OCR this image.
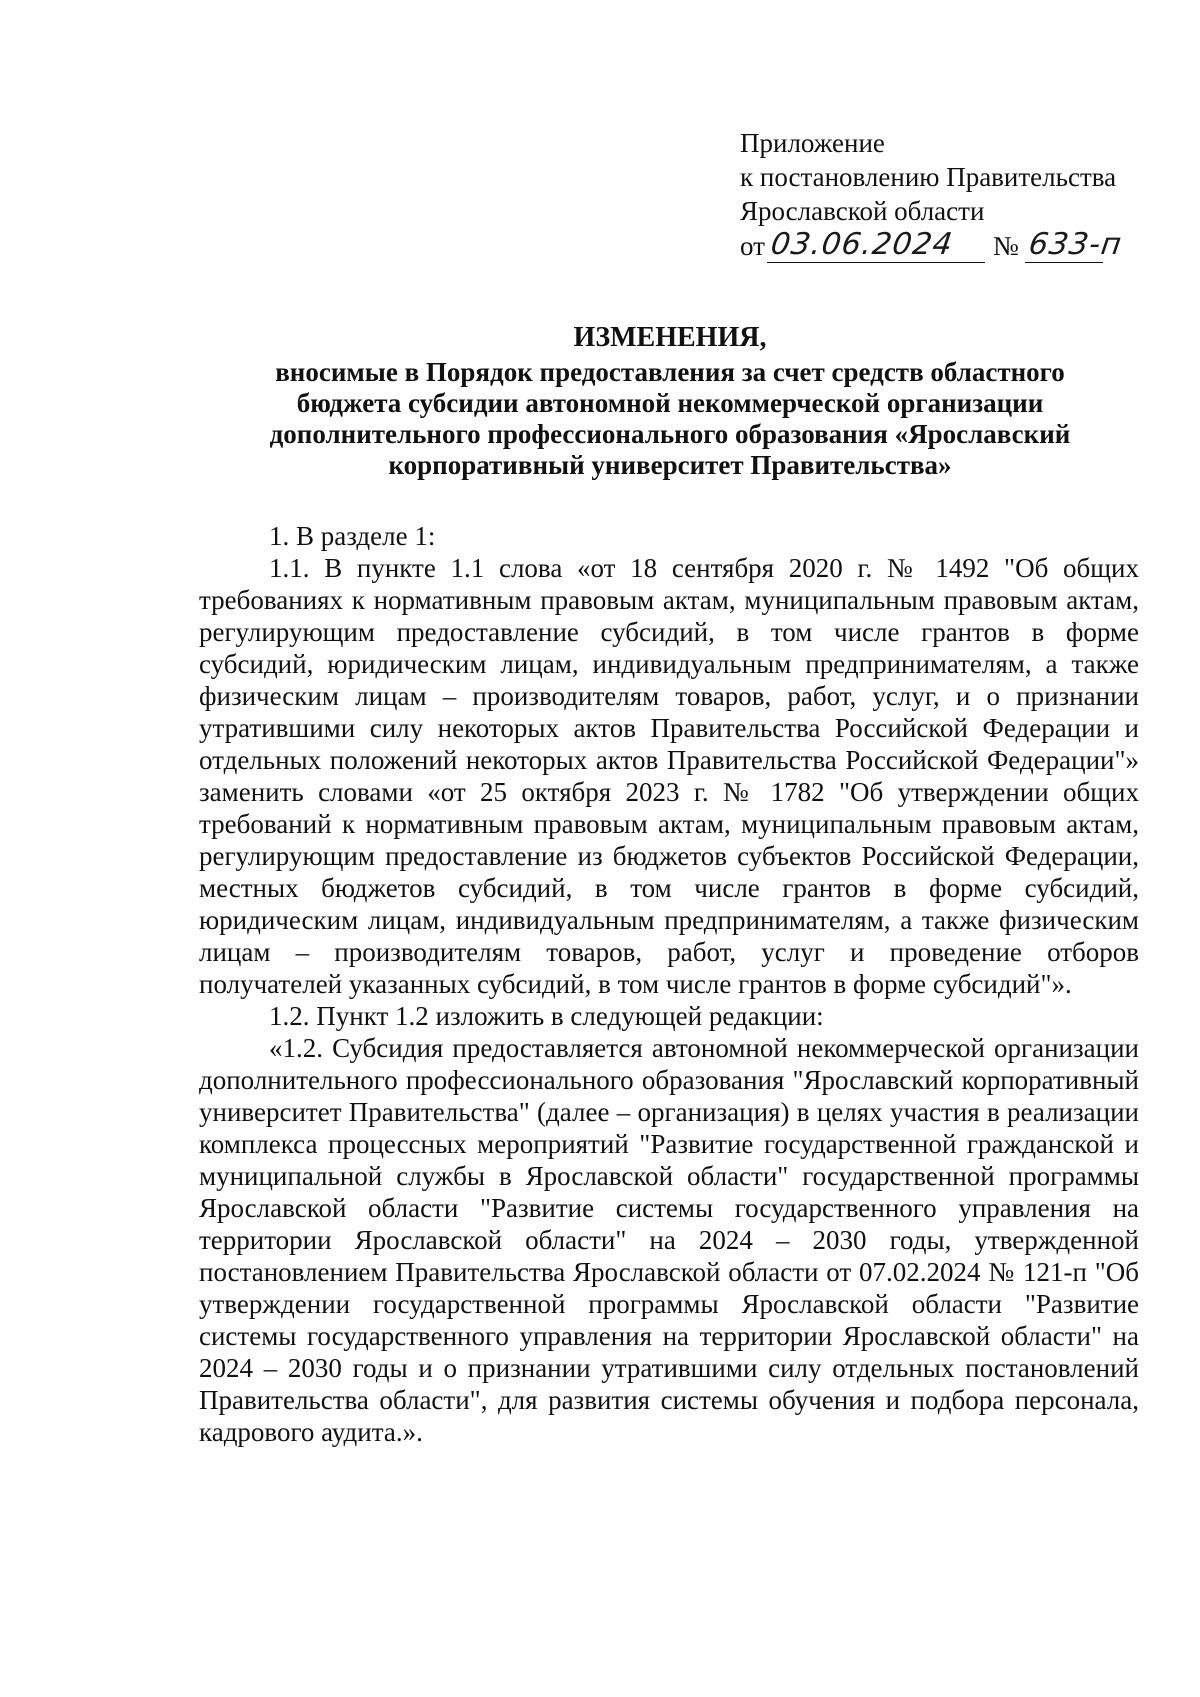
Приложение
к постановлению Правительства
Ярославской области
от 03.06.2024 № 633-п
ИЗМЕНЕНИЯ,
вносимые в Порядок предоставления за счет средств областного
бюджета субсидии автономной некоммерческой организации
дополнительного профессионального образования «Ярославский
корпоративный университет Правительства»

1. В разделе 1:

1.1. В пункте 1.1 слова «от 18 сентября 2020 г. № 1492 "Об общих требованиях к нормативным правовым актам, муниципальным правовым актам, регулирующим предоставление субсидий, в том числе грантов в форме субсидий, юридическим лицам, индивидуальным предпринимателям, а также физическим лицам – производителям товаров, работ, услуг, и о признании утратившими силу некоторых актов Правительства Российской Федерации и отдельных положений некоторых актов Правительства Российской Федерации"» заменить словами «от 25 октября 2023 г. № 1782 "Об утверждении общих требований к нормативным правовым актам, муниципальным правовым актам, регулирующим предоставление из бюджетов субъектов Российской Федерации, местных бюджетов субсидий, в том числе грантов в форме субсидий, юридическим лицам, индивидуальным предпринимателям, а также физическим лицам – производителям товаров, работ, услуг и проведение отборов получателей указанных субсидий, в том числе грантов в форме субсидий"».

1.2. Пункт 1.2 изложить в следующей редакции:

«1.2. Субсидия предоставляется автономной некоммерческой организации дополнительного профессионального образования "Ярославский корпоративный университет Правительства" (далее – организация) в целях участия в реализации комплекса процессных мероприятий "Развитие государственной гражданской и муниципальной службы в Ярославской области" государственной программы Ярославской области "Развитие системы государственного управления на территории Ярославской области" на 2024 – 2030 годы, утвержденной постановлением Правительства Ярославской области от 07.02.2024 № 121-п "Об утверждении государственной программы Ярославской области "Развитие системы государственного управления на территории Ярославской области" на 2024 – 2030 годы и о признании утратившими силу отдельных постановлений Правительства области", для развития системы обучения и подбора персонала, кадрового аудита.».
